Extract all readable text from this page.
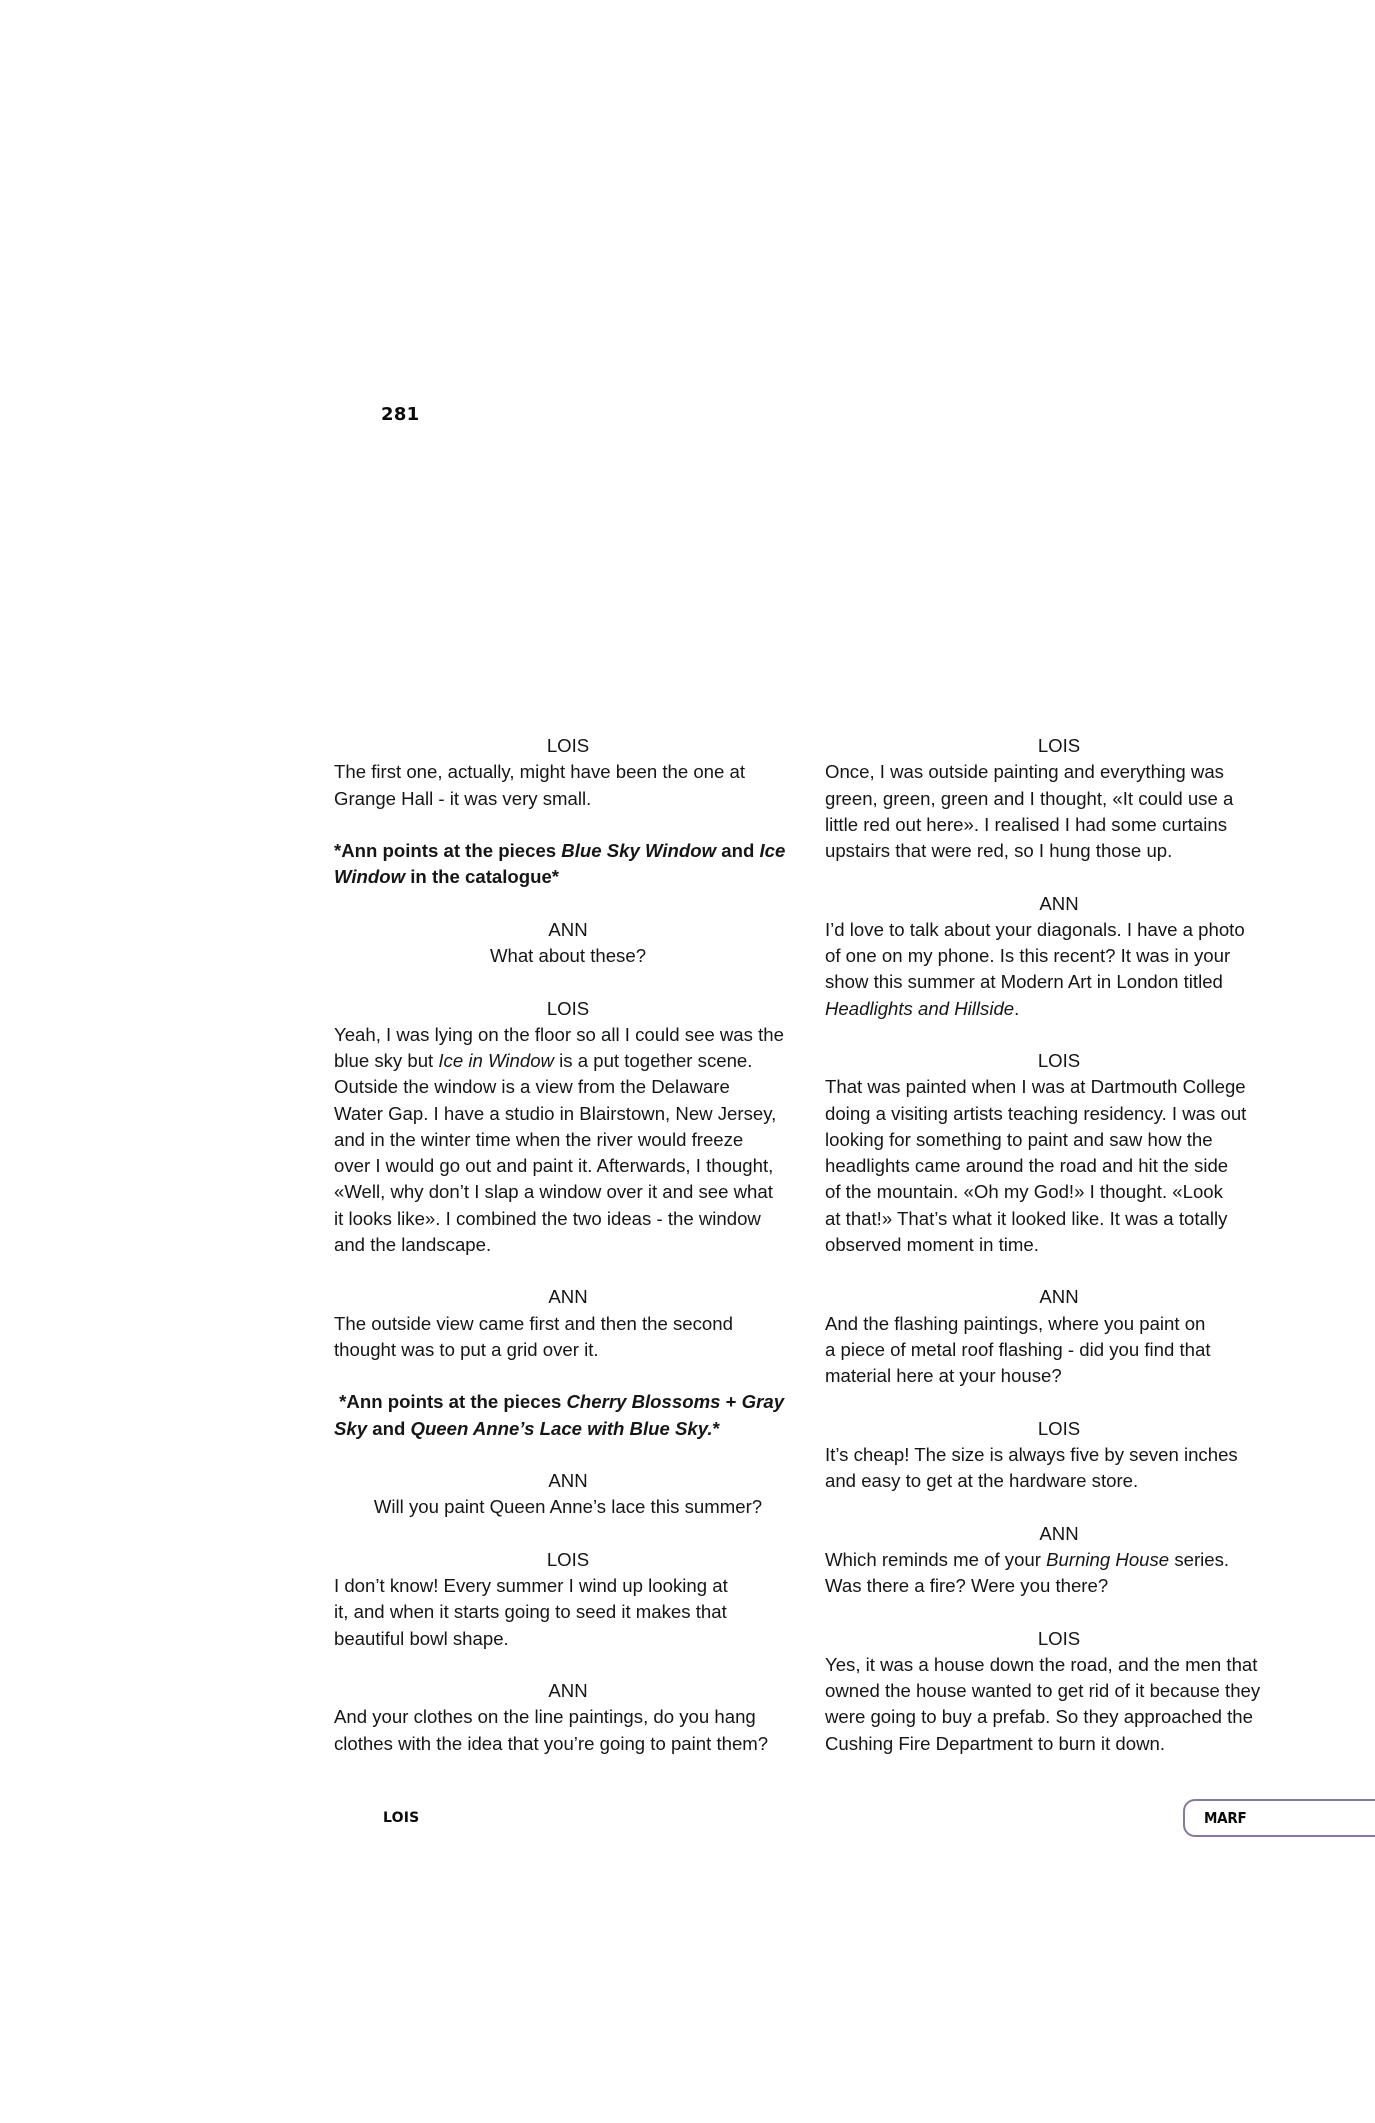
281
LOIS
The first one, actually, might have been the one at
Grange Hall - it was very small.
*Ann points at the pieces Blue Sky Window and Ice
Window in the catalogue*
ANN
What about these?
LOIS
Yeah, I was lying on the floor so all I could see was the
blue sky but Ice in Window is a put together scene.
Outside the window is a view from the Delaware
Water Gap. I have a studio in Blairstown, New Jersey,
and in the winter time when the river would freeze
over I would go out and paint it. Afterwards, I thought,
«Well, why don’t I slap a window over it and see what
it looks like». I combined the two ideas - the window
and the landscape.
ANN
The outside view came first and then the second
thought was to put a grid over it.
*Ann points at the pieces Cherry Blossoms + Gray
Sky and Queen Anne’s Lace with Blue Sky.*
ANN
Will you paint Queen Anne’s lace this summer?
LOIS
I don’t know! Every summer I wind up looking at
it, and when it starts going to seed it makes that
beautiful bowl shape.
ANN
And your clothes on the line paintings, do you hang
clothes with the idea that you’re going to paint them?
LOIS
Once, I was outside painting and everything was
green, green, green and I thought, «It could use a
little red out here». I realised I had some curtains
upstairs that were red, so I hung those up.
ANN
I’d love to talk about your diagonals. I have a photo
of one on my phone. Is this recent? It was in your
show this summer at Modern Art in London titled
Headlights and Hillside.
LOIS
That was painted when I was at Dartmouth College
doing a visiting artists teaching residency. I was out
looking for something to paint and saw how the
headlights came around the road and hit the side
of the mountain. «Oh my God!» I thought. «Look
at that!» That’s what it looked like. It was a totally
observed moment in time.
ANN
And the flashing paintings, where you paint on
a piece of metal roof flashing - did you find that
material here at your house?
LOIS
It’s cheap! The size is always five by seven inches
and easy to get at the hardware store.
ANN
Which reminds me of your Burning House series.
Was there a fire? Were you there?
LOIS
Yes, it was a house down the road, and the men that
owned the house wanted to get rid of it because they
were going to buy a prefab. So they approached the
Cushing Fire Department to burn it down.
LOIS	MARF
